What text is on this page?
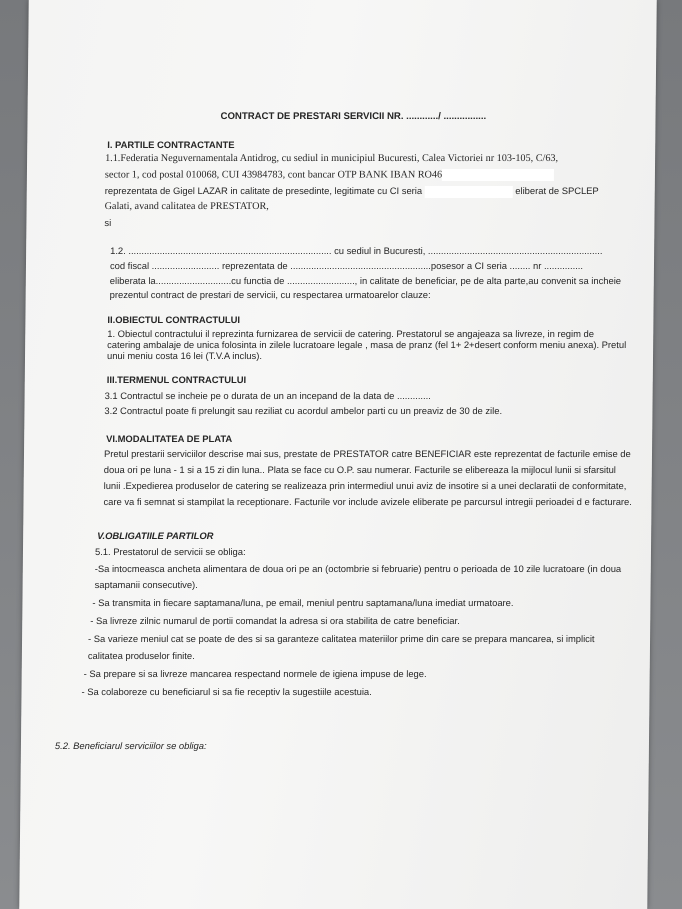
CONTRACT DE PRESTARI SERVICII NR. ............/ ................
I. PARTILE CONTRACTANTE
1.1.Federatia Neguvernamentala Antidrog, cu sediul in municipiul Bucuresti, Calea Victoriei nr 103-105, C/63,
sector 1, cod postal 010068, CUI 43984783, cont bancar OTP BANK IBAN RO46
reprezentata de Gigel LAZAR in calitate de presedinte, legitimate cu CI seria	eliberat de SPCLEP
Galati, avand calitatea de PRESTATOR,
si
1.2. .............................................................................. cu sediul in Bucuresti, ...................................................................
cod fiscal .......................... reprezentata de ......................................................posesor a CI seria ........ nr ...............
eliberata la.............................cu functia de .........................., in calitate de beneficiar, pe de alta parte,au convenit sa incheie
prezentul contract de prestari de servicii, cu respectarea urmatoarelor clauze:
II.OBIECTUL CONTRACTULUI
1. Obiectul contractului il reprezinta furnizarea de servicii de catering. Prestatorul se angajeaza sa livreze, in regim de
catering ambalaje de unica folosinta in zilele lucratoare legale , masa de pranz (fel 1+ 2+desert conform meniu anexa). Pretul
unui meniu costa 16 lei (T.V.A inclus).
III.TERMENUL CONTRACTULUI
3.1 Contractul se incheie pe o durata de un an incepand de la data de .............
3.2 Contractul poate fi prelungit sau reziliat cu acordul ambelor parti cu un preaviz de 30 de zile.
VI.MODALITATEA DE PLATA
Pretul prestarii serviciilor descrise mai sus, prestate de PRESTATOR catre BENEFICIAR este reprezentat de facturile emise de
doua ori pe luna - 1 si a 15 zi din luna.. Plata se face cu O.P. sau numerar. Facturile se elibereaza la mijlocul lunii si sfarsitul
lunii .Expedierea produselor de catering se realizeaza prin intermediul unui aviz de insotire si a unei declaratii de conformitate,
care va fi semnat si stampilat la receptionare. Facturile vor include avizele eliberate pe parcursul intregii perioadei d e facturare.
V.OBLIGATIILE PARTILOR
5.1. Prestatorul de servicii se obliga:
-Sa intocmeasca ancheta alimentara de doua ori pe an (octombrie si februarie) pentru o perioada de 10 zile lucratoare (in doua
saptamanii consecutive).
- Sa transmita in fiecare saptamana/luna, pe email, meniul pentru saptamana/luna imediat urmatoare.
- Sa livreze zilnic numarul de portii comandat la adresa si ora stabilita de catre beneficiar.
- Sa varieze meniul cat se poate de des si sa garanteze calitatea materiilor prime din care se prepara mancarea, si implicit
calitatea produselor finite.
- Sa prepare si sa livreze mancarea respectand normele de igiena impuse de lege.
- Sa colaboreze cu beneficiarul si sa fie receptiv la sugestiile acestuia.
5.2. Beneficiarul serviciilor se obliga:
